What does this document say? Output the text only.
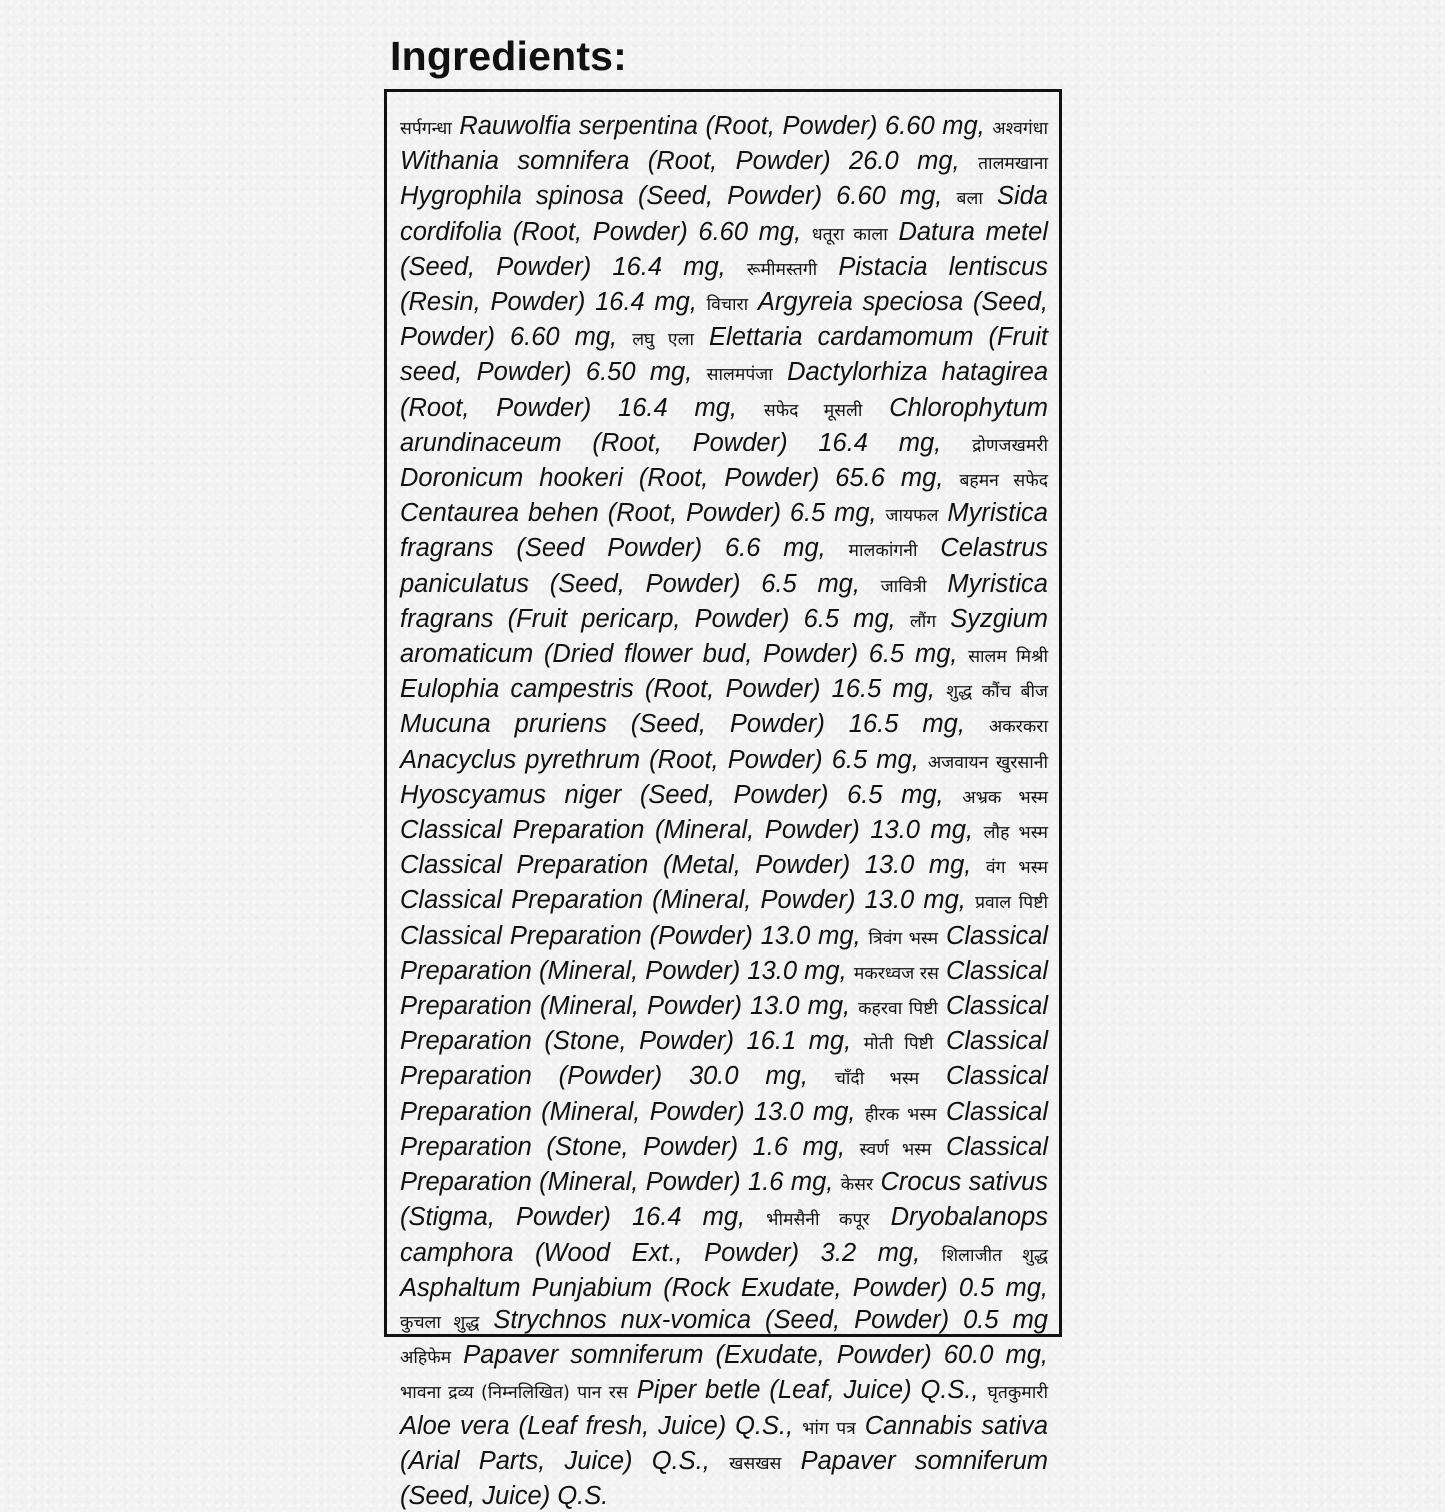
Ingredients:

सर्पगन्धा Rauwolfia serpentina (Root, Powder) 6.60 mg, अश्वगंधा Withania somnifera (Root, Powder) 26.0 mg, तालमखाना Hygrophila spinosa (Seed, Powder) 6.60 mg, बला Sida cordifolia (Root, Powder) 6.60 mg, धतूरा काला Datura metel (Seed, Powder) 16.4 mg, रूमीमस्तगी Pistacia lentiscus (Resin, Powder) 16.4 mg, विचारा Argyreia speciosa (Seed, Powder) 6.60 mg, लघु एला Elettaria cardamomum (Fruit seed, Powder) 6.50 mg, सालमपंजा Dactylorhiza hatagirea (Root, Powder) 16.4 mg, सफेद मूसली Chlorophytum arundinaceum (Root, Powder) 16.4 mg, द्रोणजखमरी Doronicum hookeri (Root, Powder) 65.6 mg, बहमन सफेद Centaurea behen (Root, Powder) 6.5 mg, जायफल Myristica fragrans (Seed Powder) 6.6 mg, मालकांगनी Celastrus paniculatus (Seed, Powder) 6.5 mg, जावित्री Myristica fragrans (Fruit pericarp, Powder) 6.5 mg, लौंग Syzgium aromaticum (Dried flower bud, Powder) 6.5 mg, सालम मिश्री Eulophia campestris (Root, Powder) 16.5 mg, शुद्ध कौंच बीज Mucuna pruriens (Seed, Powder) 16.5 mg, अकरकरा Anacyclus pyrethrum (Root, Powder) 6.5 mg, अजवायन खुरसानी Hyoscyamus niger (Seed, Powder) 6.5 mg, अभ्रक भस्म Classical Preparation (Mineral, Powder) 13.0 mg, लौह भस्म Classical Preparation (Metal, Powder) 13.0 mg, वंग भस्म Classical Preparation (Mineral, Powder) 13.0 mg, प्रवाल पिष्टी Classical Preparation (Powder) 13.0 mg, त्रिवंग भस्म Classical Preparation (Mineral, Powder) 13.0 mg, मकरध्वज रस Classical Preparation (Mineral, Powder) 13.0 mg, कहरवा पिष्टी Classical Preparation (Stone, Powder) 16.1 mg, मोती पिष्टी Classical Preparation (Powder) 30.0 mg, चाँदी भस्म Classical Preparation (Mineral, Powder) 13.0 mg, हीरक भस्म Classical Preparation (Stone, Powder) 1.6 mg, स्वर्ण भस्म Classical Preparation (Mineral, Powder) 1.6 mg, केसर Crocus sativus (Stigma, Powder) 16.4 mg, भीमसैनी कपूर Dryobalanops camphora (Wood Ext., Powder) 3.2 mg, शिलाजीत शुद्ध Asphaltum Punjabium (Rock Exudate, Powder) 0.5 mg, कुचला शुद्ध Strychnos nux-vomica (Seed, Powder) 0.5 mg अहिफेम Papaver somniferum (Exudate, Powder) 60.0 mg, भावना द्रव्य (निम्नलिखित) पान रस Piper betle (Leaf, Juice) Q.S., घृतकुमारी Aloe vera (Leaf fresh, Juice) Q.S., भांग पत्र Cannabis sativa (Arial Parts, Juice) Q.S., खसखस Papaver somniferum (Seed, Juice) Q.S.
